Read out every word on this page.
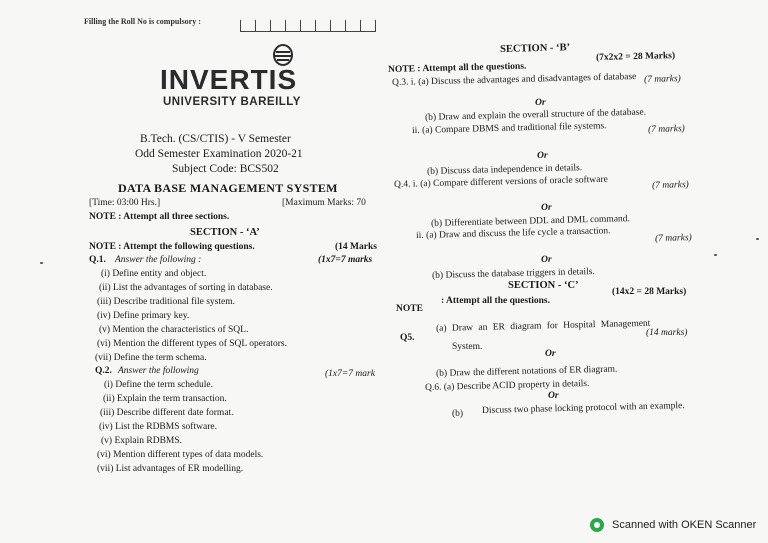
Filling the Roll No is compulsory :
INVERTIS
UNIVERSITY BAREILLY
B.Tech. (CS/CTIS) - V Semester
Odd Semester Examination 2020-21
Subject Code: BCS502
DATA BASE MANAGEMENT SYSTEM
[Time: 03:00 Hrs.]	[Maximum Marks: 70
NOTE : Attempt all three sections.
SECTION - ‘A’
NOTE : Attempt the following questions.	(14 Marks
Q.1. Answer the following :	(1x7=7 marks
(i) Define entity and object.
(ii) List the advantages of sorting in database.
(iii) Describe traditional file system.
(iv) Define primary key.
(v) Mention the characteristics of SQL.
(vi) Mention the different types of SQL operators.
(vii) Define the term schema.
Q.2. Answer the following	(1x7=7 mark
(i) Define the term schedule.
(ii) Explain the term transaction.
(iii) Describe different date format.
(iv) List the RDBMS software.
(v) Explain RDBMS.
(vi) Mention different types of data models.
(vii) List advantages of ER modelling.
SECTION - ‘B’
NOTE : Attempt all the questions.
(7x2x2 = 28 Marks)
Q.3. i. (a) Discuss the advantages and disadvantages of database (7 marks)
Or
(b) Draw and explain the overall structure of the database.
ii. (a) Compare DBMS and traditional file systems.	(7 marks)
Or
(b) Discuss data independence in details.
Q.4. i. (a) Compare different versions of oracle software	(7 marks)
Or
(b) Differentiate between DDL and DML command.
ii. (a) Draw and discuss the life cycle a transaction.	(7 marks)
Or
(b) Discuss the database triggers in details.
SECTION - ‘C’
NOTE
: Attempt all the questions.
(14x2 = 28 Marks)
Q5.
(a) Draw an ER diagram for Hospital Management
System.
(14 marks)
Or
(b) Draw the different notations of ER diagram.
Q.6. (a) Describe ACID property in details.
Or
(b) Discuss two phase locking protocol with an example.
Scanned with OKEN Scanner
